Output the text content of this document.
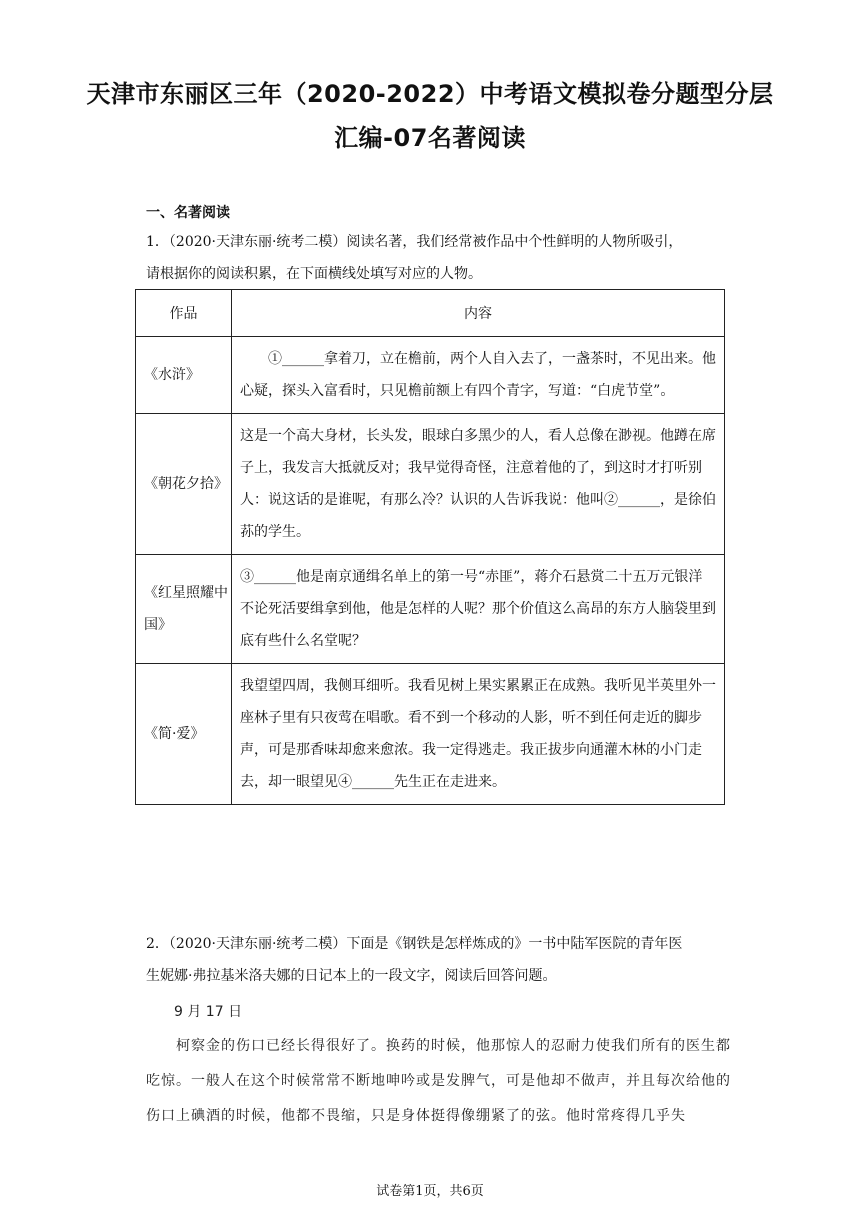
天津市东丽区三年（2020-2022）中考语文模拟卷分题型分层
汇编-07名著阅读
一、名著阅读
1．（2020·天津东丽·统考二模）阅读名著，我们经常被作品中个性鲜明的人物所吸引，
请根据你的阅读积累，在下面横线处填写对应的人物。
作品	内容
《水浒》	　　①______拿着刀，立在檐前，两个人自入去了，一盏茶时，不见出来。他心疑，探头入富看时，只见檐前额上有四个青字，写道：“白虎节堂”。
《朝花夕拾》	这是一个高大身材，长头发，眼球白多黑少的人，看人总像在渺视。他蹲在席子上，我发言大抵就反对；我早觉得奇怪，注意着他的了，到这时才打听别人：说这话的是谁呢，有那么冷？认识的人告诉我说：他叫②______，是徐伯荪的学生。
《红星照耀中国》	③______他是南京通缉名单上的第一号“赤匪”，蒋介石悬赏二十五万元银洋不论死活要缉拿到他，他是怎样的人呢？那个价值这么高昂的东方人脑袋里到底有些什么名堂呢？
《简·爱》	我望望四周，我侧耳细听。我看见树上果实累累正在成熟。我听见半英里外一座林子里有只夜莺在唱歌。看不到一个移动的人影，听不到任何走近的脚步声，可是那香味却愈来愈浓。我一定得逃走。我正拔步向通灌木林的小门走去，却一眼望见④______先生正在走进来。
2．（2020·天津东丽·统考二模）下面是《钢铁是怎样炼成的》一书中陆军医院的青年医
生妮娜·弗拉基米洛夫娜的日记本上的一段文字，阅读后回答问题。
9 月 17 日
　　柯察金的伤口已经长得很好了。换药的时候，他那惊人的忍耐力使我们所有的医生都吃惊。一般人在这个时候常常不断地呻吟或是发脾气，可是他却不做声，并且每次给他的伤口上碘酒的时候，他都不畏缩，只是身体挺得像绷紧了的弦。他时常疼得几乎失
试卷第1页，共6页
